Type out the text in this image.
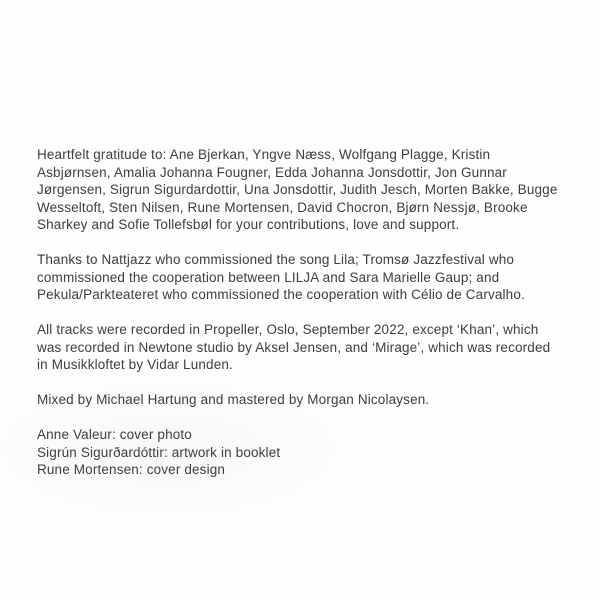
Heartfelt gratitude to: Ane Bjerkan, Yngve Næss, Wolfgang Plagge, Kristin Asbjørnsen, Amalia Johanna Fougner, Edda Johanna Jonsdottir, Jon Gunnar Jørgensen, Sigrun Sigurdardottir, Una Jonsdottir, Judith Jesch, Morten Bakke, Bugge Wesseltoft, Sten Nilsen, Rune Mortensen, David Chocron, Bjørn Nessjø, Brooke Sharkey and Sofie Tollefsbøl for your contributions, love and support.

Thanks to Nattjazz who commissioned the song Lila; Tromsø Jazzfestival who commissioned the cooperation between LILJA and Sara Marielle Gaup; and Pekula/Parkteateret who commissioned the cooperation with Célio de Carvalho.

All tracks were recorded in Propeller, Oslo, September 2022, except ‘Khan’, which was recorded in Newtone studio by Aksel Jensen, and ‘Mirage’, which was recorded in Musikkloftet by Vidar Lunden.

Mixed by Michael Hartung and mastered by Morgan Nicolaysen.

Anne Valeur: cover photo

Sigrún Sigurðardóttir: artwork in booklet

Rune Mortensen: cover design
